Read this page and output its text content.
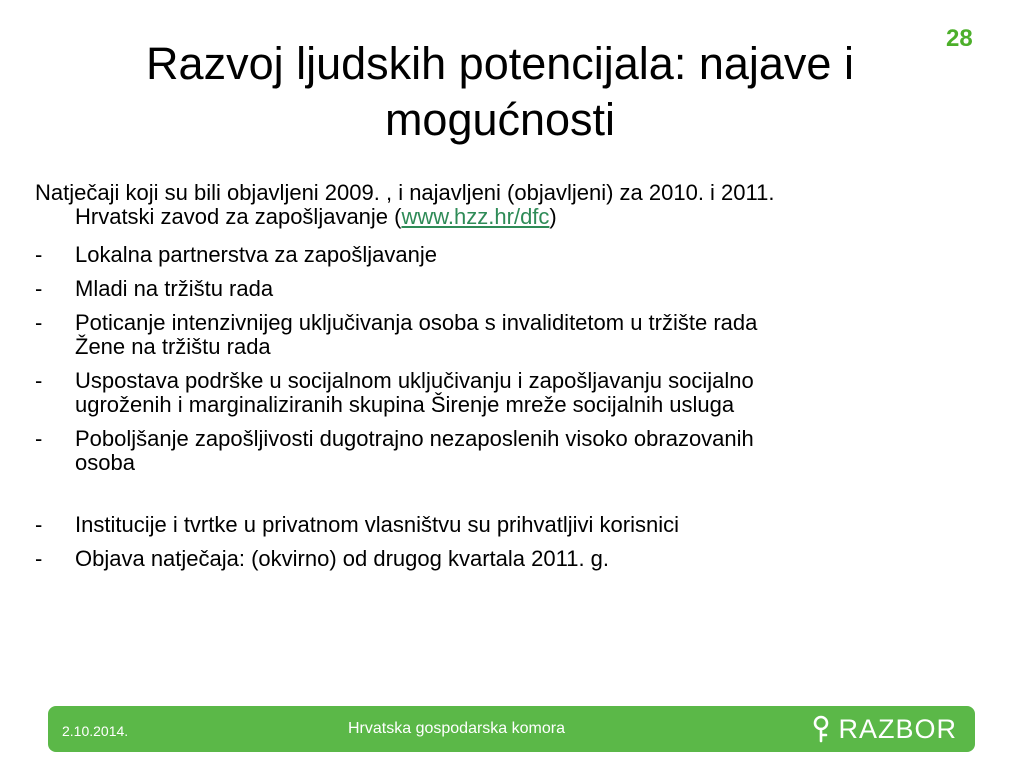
28
Razvoj ljudskih potencijala: najave i
mogućnosti
Natječaji koji su bili objavljeni 2009. , i najavljeni (objavljeni) za 2010. i 2011.
Hrvatski zavod za zapošljavanje (www.hzz.hr/dfc)
- Lokalna partnerstva za zapošljavanje
- Mladi na tržištu rada
- Poticanje intenzivnijeg uključivanja osoba s invaliditetom u tržište rada
Žene na tržištu rada
- Uspostava podrške u socijalnom uključivanju i zapošljavanju socijalno
ugroženih i marginaliziranih skupina Širenje mreže socijalnih usluga
- Poboljšanje zapošljivosti dugotrajno nezaposlenih visoko obrazovanih
osoba
- Institucije i tvrtke u privatnom vlasništvu su prihvatljivi korisnici
- Objava natječaja: (okvirno) od drugog kvartala 2011. g.
2.10.2014.	Hrvatska gospodarska komora	RAZBOR
